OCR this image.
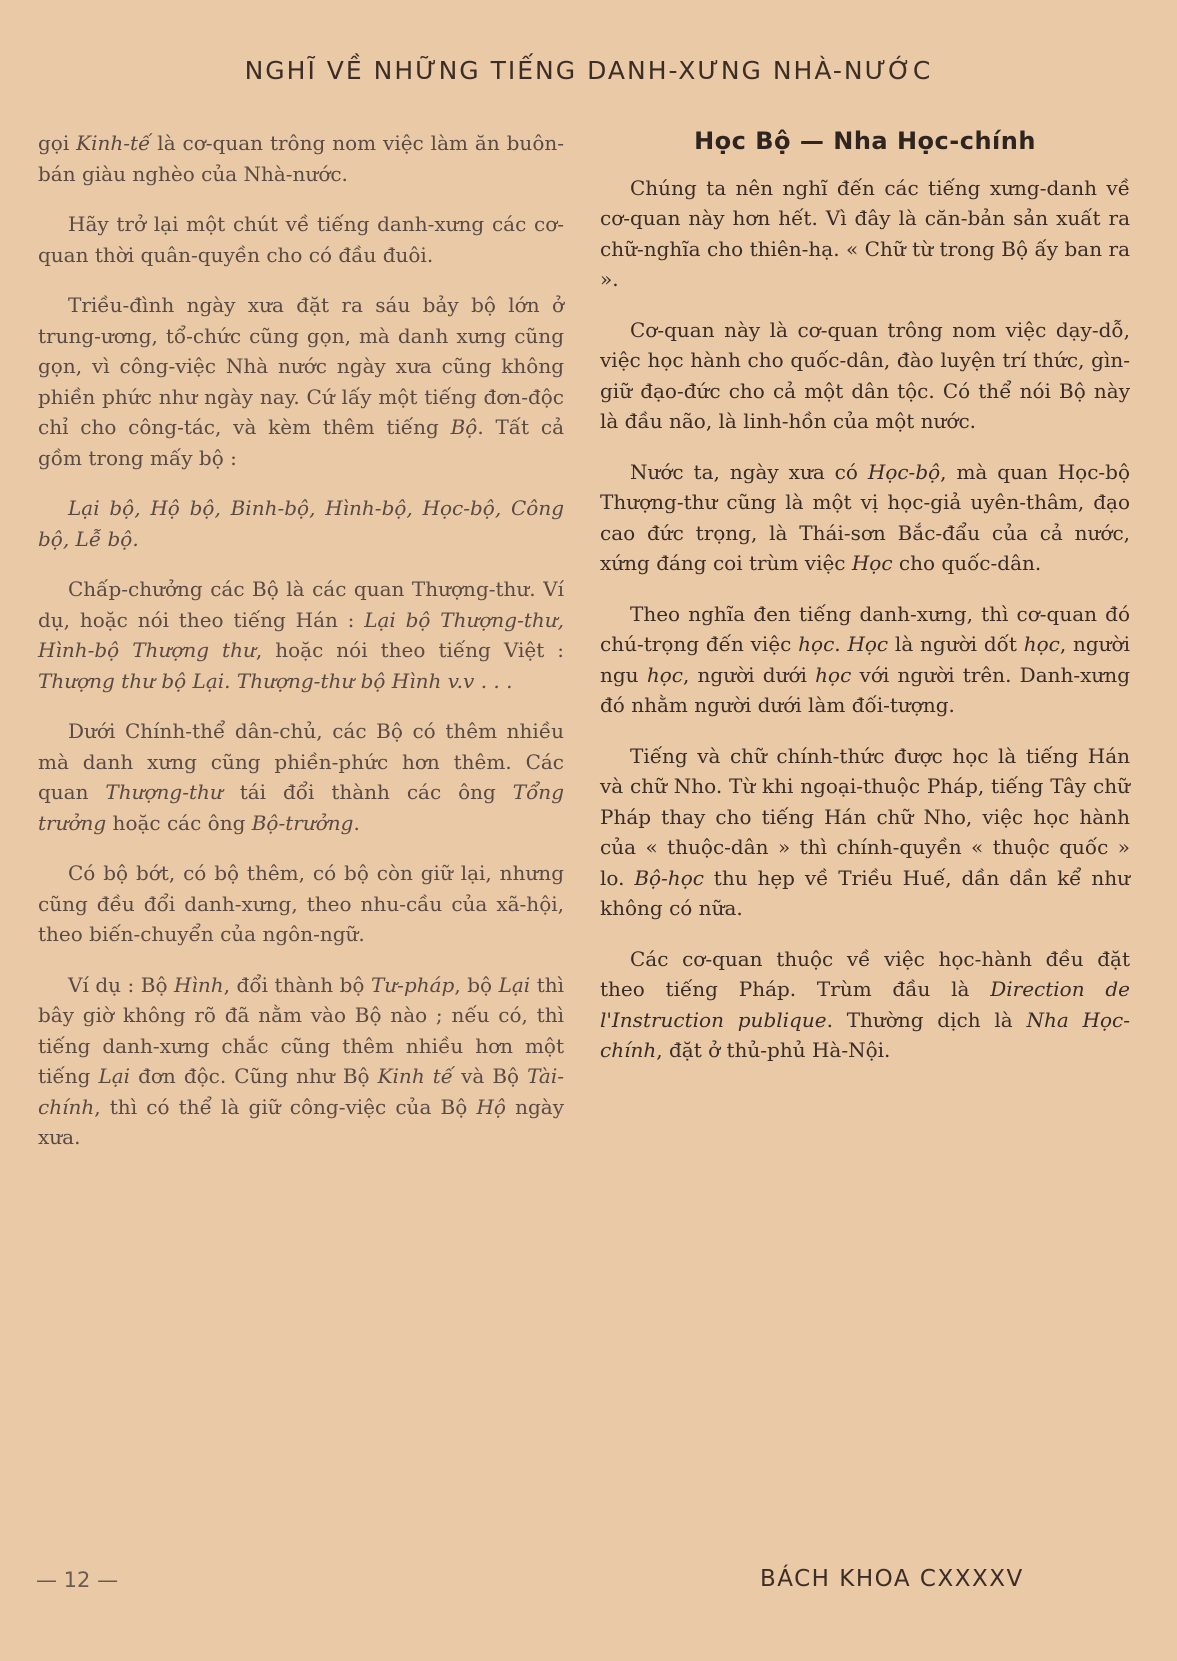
NGHĨ VỀ NHỮNG TIẾNG DANH-XƯNG NHÀ-NƯỚC

gọi Kinh-tế là cơ-quan trông nom việc làm ăn buôn-bán giàu nghèo của Nhà-nước.

Hãy trở lại một chút về tiếng danh-xưng các cơ-quan thời quân-quyền cho có đầu đuôi.

Triều-đình ngày xưa đặt ra sáu bảy bộ lớn ở trung-ương, tổ-chức cũng gọn, mà danh xưng cũng gọn, vì công-việc Nhà nước ngày xưa cũng không phiền phức như ngày nay. Cứ lấy một tiếng đơn-độc chỉ cho công-tác, và kèm thêm tiếng Bộ. Tất cả gồm trong mấy bộ :

Lại bộ, Hộ bộ, Binh-bộ, Hình-bộ, Học-bộ, Công bộ, Lễ bộ.

Chấp-chưởng các Bộ là các quan Thượng-thư. Ví dụ, hoặc nói theo tiếng Hán : Lại bộ Thượng-thư, Hình-bộ Thượng thư, hoặc nói theo tiếng Việt : Thượng thư bộ Lại. Thượng-thư bộ Hình v.v . . .

Dưới Chính-thể dân-chủ, các Bộ có thêm nhiều mà danh xưng cũng phiền-phức hơn thêm. Các quan Thượng-thư tái đổi thành các ông Tổng trưởng hoặc các ông Bộ-trưởng.

Có bộ bớt, có bộ thêm, có bộ còn giữ lại, nhưng cũng đều đổi danh-xưng, theo nhu-cầu của xã-hội, theo biến-chuyển của ngôn-ngữ.

Ví dụ : Bộ Hình, đổi thành bộ Tư-pháp, bộ Lại thì bây giờ không rõ đã nằm vào Bộ nào ; nếu có, thì tiếng danh-xưng chắc cũng thêm nhiều hơn một tiếng Lại đơn độc. Cũng như Bộ Kinh tế và Bộ Tài-chính, thì có thể là giữ công-việc của Bộ Hộ ngày xưa.

Học Bộ — Nha Học-chính

Chúng ta nên nghĩ đến các tiếng xưng-danh về cơ-quan này hơn hết. Vì đây là căn-bản sản xuất ra chữ-nghĩa cho thiên-hạ. « Chữ từ trong Bộ ấy ban ra ».

Cơ-quan này là cơ-quan trông nom việc dạy-dỗ, việc học hành cho quốc-dân, đào luyện trí thức, gìn-giữ đạo-đức cho cả một dân tộc. Có thể nói Bộ này là đầu não, là linh-hồn của một nước.

Nước ta, ngày xưa có Học-bộ, mà quan Học-bộ Thượng-thư cũng là một vị học-giả uyên-thâm, đạo cao đức trọng, là Thái-sơn Bắc-đẩu của cả nước, xứng đáng coi trùm việc Học cho quốc-dân.

Theo nghĩa đen tiếng danh-xưng, thì cơ-quan đó chú-trọng đến việc học. Học là người dốt học, người ngu học, người dưới học với người trên. Danh-xưng đó nhằm người dưới làm đối-tượng.

Tiếng và chữ chính-thức được học là tiếng Hán và chữ Nho. Từ khi ngoại-thuộc Pháp, tiếng Tây chữ Pháp thay cho tiếng Hán chữ Nho, việc học hành của « thuộc-dân » thì chính-quyền « thuộc quốc » lo. Bộ-học thu hẹp về Triều Huế, dần dần kể như không có nữa.

Các cơ-quan thuộc về việc học-hành đều đặt theo tiếng Pháp. Trùm đầu là Direction de l'Instruction publique. Thường dịch là Nha Học-chính, đặt ở thủ-phủ Hà-Nội.

— 12 —	BÁCH KHOA CXXXXV
